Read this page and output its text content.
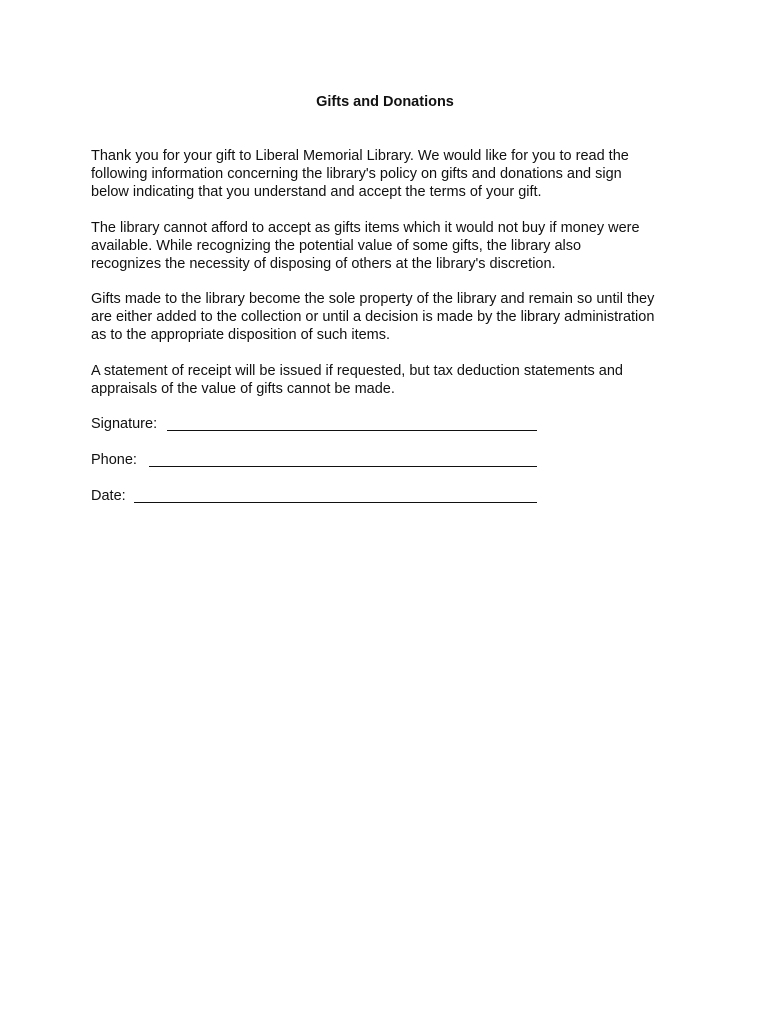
Gifts and Donations

Thank you for your gift to Liberal Memorial Library. We would like for you to read the
following information concerning the library's policy on gifts and donations and sign
below indicating that you understand and accept the terms of your gift.

The library cannot afford to accept as gifts items which it would not buy if money were
available. While recognizing the potential value of some gifts, the library also
recognizes the necessity of disposing of others at the library's discretion.

Gifts made to the library become the sole property of the library and remain so until they
are either added to the collection or until a decision is made by the library administration
as to the appropriate disposition of such items.

A statement of receipt will be issued if requested, but tax deduction statements and
appraisals of the value of gifts cannot be made.

Signature:
Phone:
Date:
